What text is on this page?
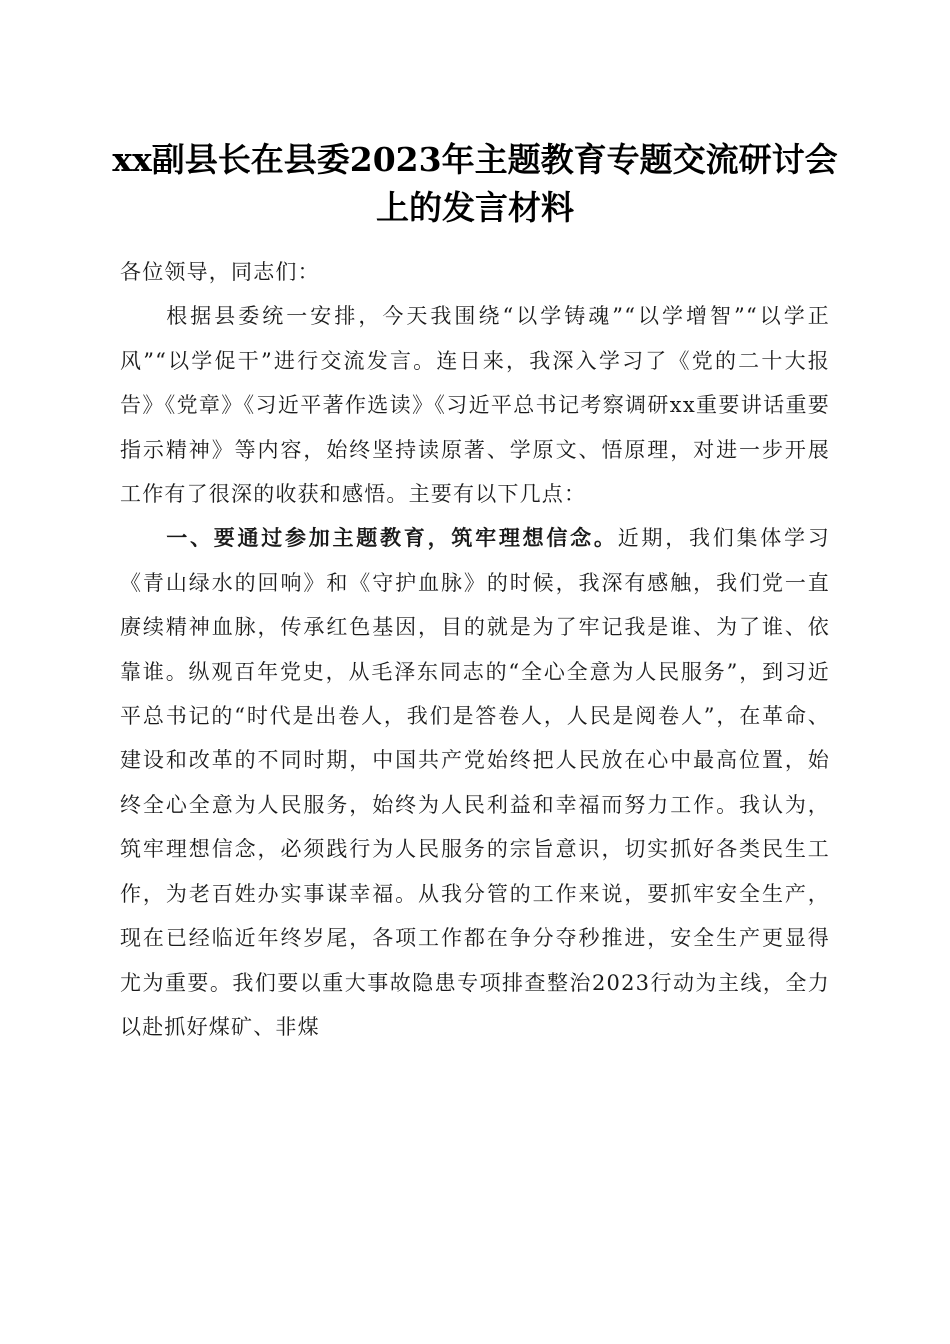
xx副县长在县委2023年主题教育专题交流研讨会上的发言材料

各位领导，同志们：

根据县委统一安排，今天我围绕“以学铸魂”“以学增智”“以学正风”“以学促干”进行交流发言。连日来，我深入学习了《党的二十大报告》《党章》《习近平著作选读》《习近平总书记考察调研xx重要讲话重要指示精神》等内容，始终坚持读原著、学原文、悟原理，对进一步开展工作有了很深的收获和感悟。主要有以下几点：

一、要通过参加主题教育，筑牢理想信念。近期，我们集体学习《青山绿水的回响》和《守护血脉》的时候，我深有感触，我们党一直赓续精神血脉，传承红色基因，目的就是为了牢记我是谁、为了谁、依靠谁。纵观百年党史，从毛泽东同志的“全心全意为人民服务”，到习近平总书记的“时代是出卷人，我们是答卷人，人民是阅卷人”，在革命、建设和改革的不同时期，中国共产党始终把人民放在心中最高位置，始终全心全意为人民服务，始终为人民利益和幸福而努力工作。我认为，筑牢理想信念，必须践行为人民服务的宗旨意识，切实抓好各类民生工作，为老百姓办实事谋幸福。从我分管的工作来说，要抓牢安全生产，现在已经临近年终岁尾，各项工作都在争分夺秒推进，安全生产更显得尤为重要。我们要以重大事故隐患专项排查整治2023行动为主线，全力以赴抓好煤矿、非煤
